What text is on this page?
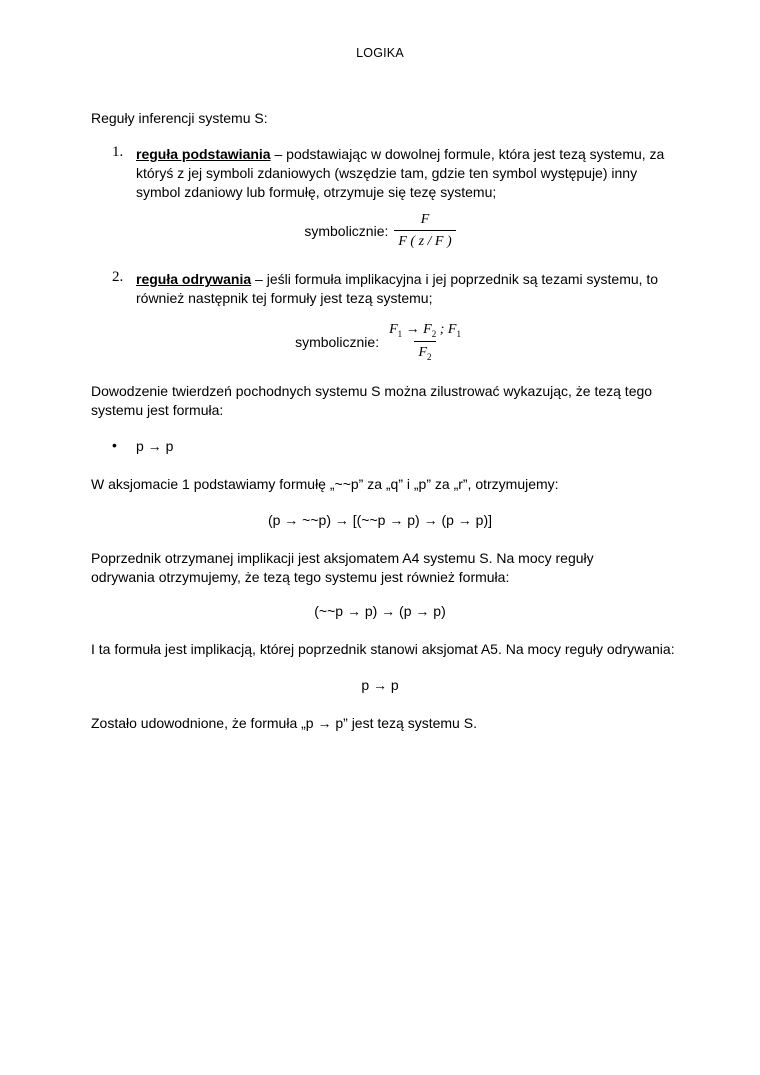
LOGIKA
Reguły inferencji systemu S:
1. reguła podstawiania – podstawiając w dowolnej formule, która jest tezą systemu, za któryś z jej symboli zdaniowych (wszędzie tam, gdzie ten symbol występuje) inny symbol zdaniowy lub formułę, otrzymuje się tezę systemu;
symbolicznie: $\frac{F}{F ( z / F )}$
2. reguła odrywania – jeśli formuła implikacyjna i jej poprzednik są tezami systemu, to również następnik tej formuły jest tezą systemu;
symbolicznie: $\frac{F_1 \to F_2 ; F_1}{F_2}$
Dowodzenie twierdzeń pochodnych systemu S można zilustrować wykazując, że tezą tego systemu jest formuła:
• p → p
W aksjomacie 1 podstawiamy formułę „~~p” za „q” i „p” za „r”, otrzymujemy:
(p → ~~p) → [(~~p → p) → (p → p)]
Poprzednik otrzymanej implikacji jest aksjomatem A4 systemu S. Na mocy reguły odrywania otrzymujemy, że tezą tego systemu jest również formuła:
(~~p → p) → (p → p)
I ta formuła jest implikacją, której poprzednik stanowi aksjomat A5. Na mocy reguły odrywania:
p → p
Zostało udowodnione, że formuła „p → p” jest tezą systemu S.
